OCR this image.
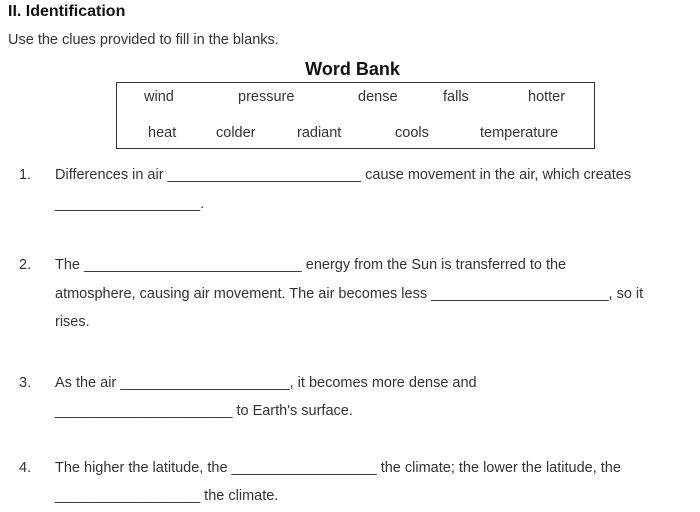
II. Identification
Use the clues provided to fill in the blanks.
Word Bank
wind	pressure	dense	falls	hotter
heat	colder	radiant	cools	temperature
1. Differences in air ________________________ cause movement in the air, which creates
__________________.
2. The ___________________________ energy from the Sun is transferred to the
atmosphere, causing air movement. The air becomes less ______________________, so it
rises.
3. As the air _____________________, it becomes more dense and
______________________ to Earth's surface.
4. The higher the latitude, the __________________ the climate; the lower the latitude, the
__________________ the climate.
